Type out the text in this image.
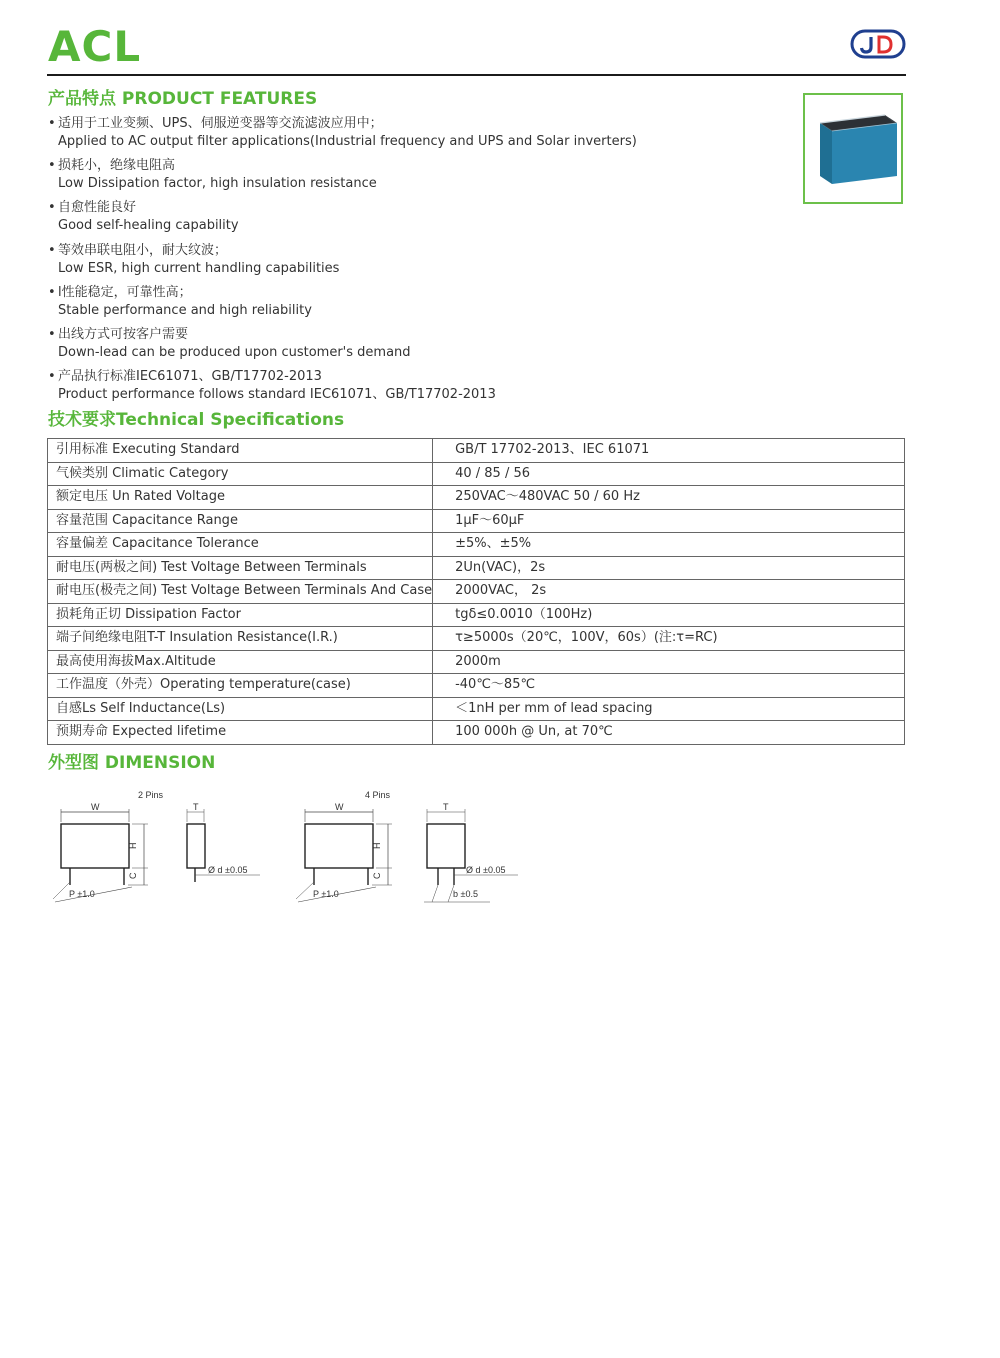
ACL
产品特点 PRODUCT FEATURES
• 适用于工业变频、UPS、伺服逆变器等交流滤波应用中；
Applied to AC output filter applications(Industrial frequency and UPS and Solar inverters)
• 损耗小，绝缘电阻高
Low Dissipation factor, high insulation resistance
• 自愈性能良好
Good self-healing capability
• 等效串联电阻小，耐大纹波；
Low ESR, high current handling capabilities
• l性能稳定，可靠性高；
Stable performance and high reliability
• 出线方式可按客户需要
Down-lead can be produced upon customer's demand
• 产品执行标准IEC61071、GB/T17702-2013
Product performance follows standard IEC61071、GB/T17702-2013
技术要求Technical Specifications
引用标准 Executing Standard	GB/T 17702-2013、IEC 61071
气候类别 Climatic Category	40 / 85 / 56
额定电压 Un Rated Voltage	250VAC～480VAC 50 / 60 Hz
容量范围 Capacitance Range	1μF～60μF
容量偏差 Capacitance Tolerance	±5%、±5%
耐电压(两极之间) Test Voltage Between Terminals	2Un(VAC)，2s
耐电压(极壳之间) Test Voltage Between Terminals And Case	2000VAC， 2s
损耗角正切 Dissipation Factor	tgδ≤0.0010（100Hz)
端子间绝缘电阻T-T Insulation Resistance(I.R.)	τ≥5000s（20℃，100V，60s）(注:τ=RC)
最高使用海拔Max.Altitude	2000m
工作温度（外壳）Operating temperature(case)	-40℃～85℃
自感Ls Self Inductance(Ls)	＜1nH per mm of lead spacing
预期寿命 Expected lifetime	100 000h @ Un, at 70℃
外型图 DIMENSION
2 Pins
W
H
C
P ±1.0
T
Ø d ±0.05
4 Pins
W
H
C
P ±1.0
T
Ø d ±0.05
b ±0.5
